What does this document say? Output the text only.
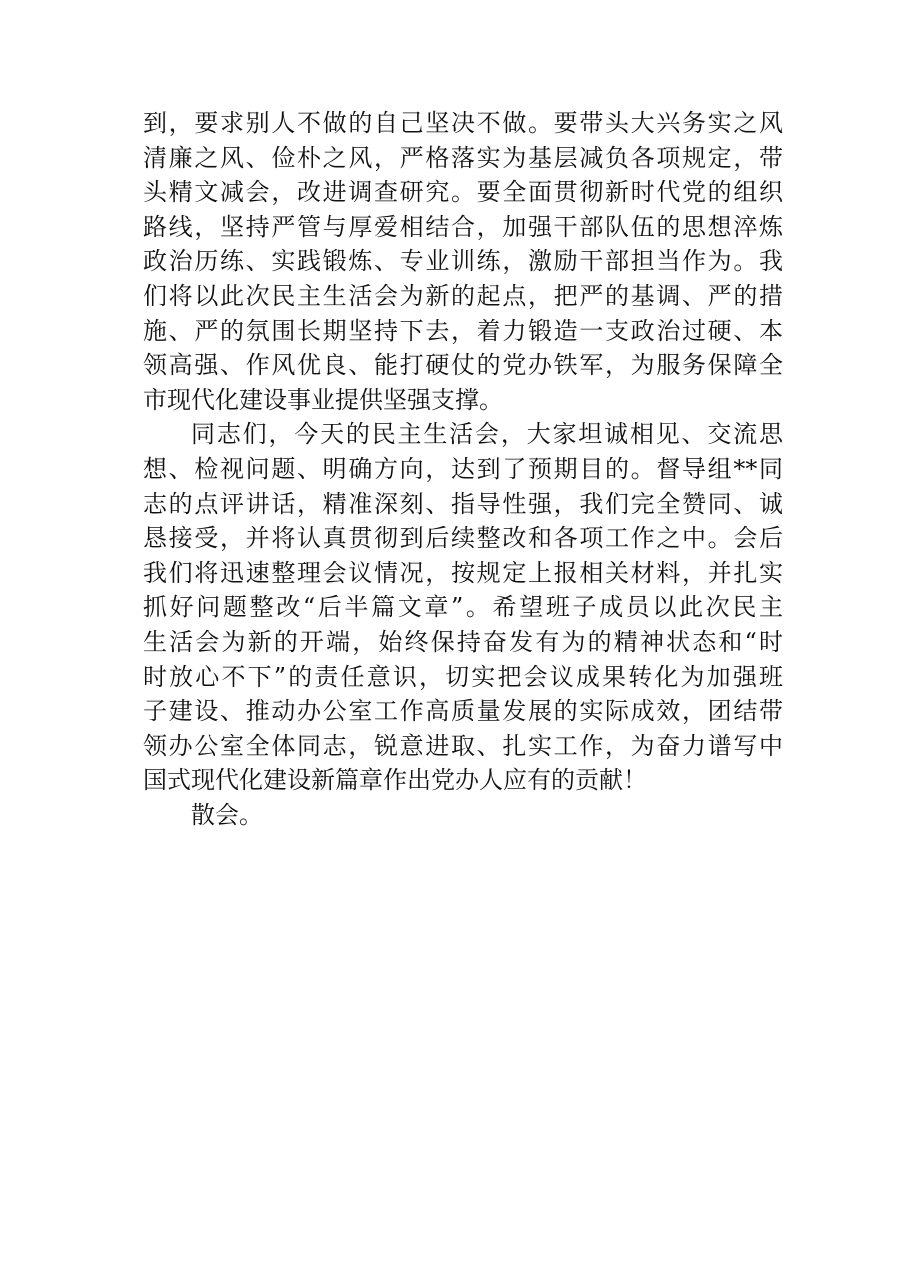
到，要求别人不做的自己坚决不做。要带头大兴务实之风
清廉之风、俭朴之风，严格落实为基层减负各项规定，带
头精文减会，改进调查研究。要全面贯彻新时代党的组织
路线，坚持严管与厚爱相结合，加强干部队伍的思想淬炼
政治历练、实践锻炼、专业训练，激励干部担当作为。我
们将以此次民主生活会为新的起点，把严的基调、严的措
施、严的氛围长期坚持下去，着力锻造一支政治过硬、本
领高强、作风优良、能打硬仗的党办铁军，为服务保障全
市现代化建设事业提供坚强支撑。
同志们，今天的民主生活会，大家坦诚相见、交流思
想、检视问题、明确方向，达到了预期目的。督导组**同
志的点评讲话，精准深刻、指导性强，我们完全赞同、诚
恳接受，并将认真贯彻到后续整改和各项工作之中。会后
我们将迅速整理会议情况，按规定上报相关材料，并扎实
抓好问题整改“后半篇文章”。希望班子成员以此次民主
生活会为新的开端，始终保持奋发有为的精神状态和“时
时放心不下”的责任意识，切实把会议成果转化为加强班
子建设、推动办公室工作高质量发展的实际成效，团结带
领办公室全体同志，锐意进取、扎实工作，为奋力谱写中
国式现代化建设新篇章作出党办人应有的贡献！
散会。
